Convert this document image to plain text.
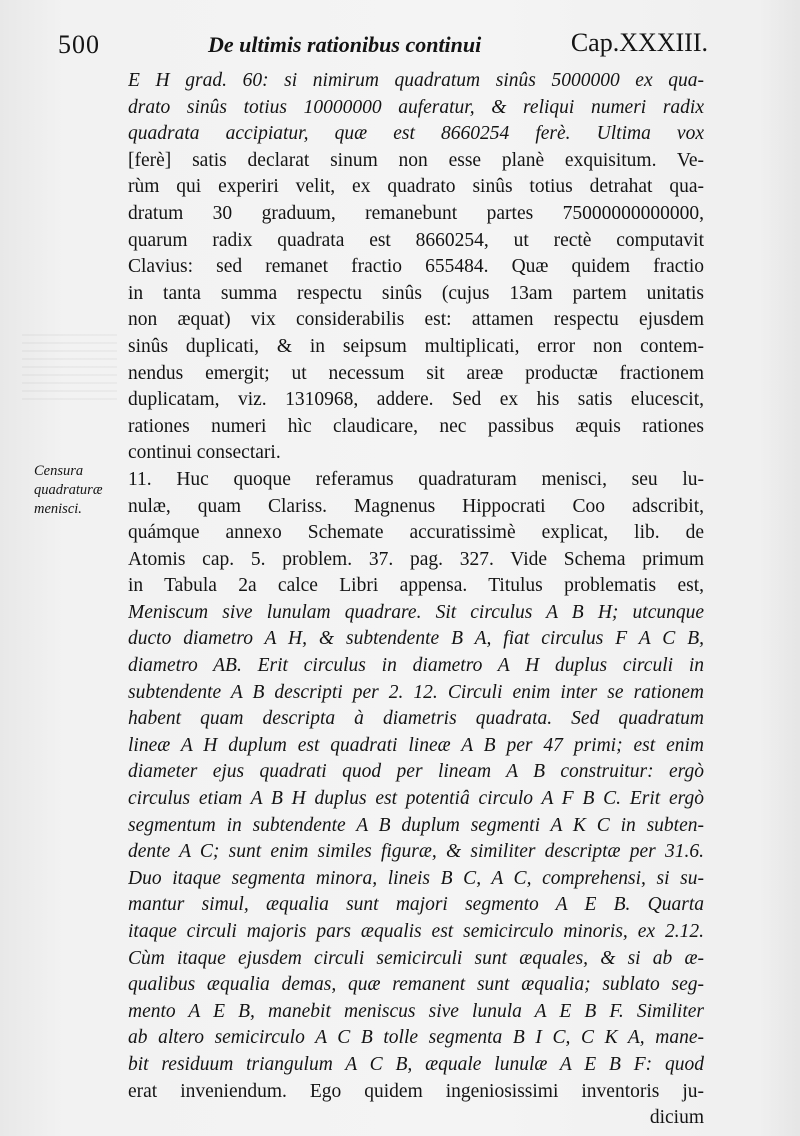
500	De ultimis rationibus continui	Cap.XXXIII.
Censura
quadraturæ
menisci.
E H grad. 60: si nimirum quadratum sinûs 5000000 ex qua-
drato sinûs totius 10000000 auferatur, & reliqui numeri radix
quadrata accipiatur, quæ est 8660254 ferè. Ultima vox
[ferè] satis declarat sinum non esse planè exquisitum. Ve-
rùm qui experiri velit, ex quadrato sinûs totius detrahat qua-
dratum 30 graduum, remanebunt partes 75000000000000,
quarum radix quadrata est 8660254, ut rectè computavit
Clavius: sed remanet fractio 655484. Quæ quidem fractio
in tanta summa respectu sinûs (cujus 13am partem unitatis
non æquat) vix considerabilis est: attamen respectu ejusdem
sinûs duplicati, & in seipsum multiplicati, error non contem-
nendus emergit; ut necessum sit areæ productæ fractionem
duplicatam, viz. 1310968, addere. Sed ex his satis elucescit,
rationes numeri hìc claudicare, nec passibus æquis rationes
continui consectari.
11. Huc quoque referamus quadraturam menisci, seu lu-
nulæ, quam Clariss. Magnenus Hippocrati Coo adscribit,
quámque annexo Schemate accuratissimè explicat, lib. de
Atomis cap. 5. problem. 37. pag. 327. Vide Schema primum
in Tabula 2a calce Libri appensa. Titulus problematis est,
Meniscum sive lunulam quadrare. Sit circulus A B H; utcunque
ducto diametro A H, & subtendente B A, fiat circulus F A C B,
diametro AB. Erit circulus in diametro A H duplus circuli in
subtendente A B descripti per 2. 12. Circuli enim inter se rationem
habent quam descripta à diametris quadrata. Sed quadratum
lineæ A H duplum est quadrati lineæ A B per 47 primi; est enim
diameter ejus quadrati quod per lineam A B construitur: ergò
circulus etiam A B H duplus est potentiâ circulo A F B C. Erit ergò
segmentum in subtendente A B duplum segmenti A K C in subten-
dente A C; sunt enim similes figuræ, & similiter descriptæ per 31.6.
Duo itaque segmenta minora, lineis B C, A C, comprehensi, si su-
mantur simul, æqualia sunt majori segmento A E B. Quarta
itaque circuli majoris pars æqualis est semicirculo minoris, ex 2.12.
Cùm itaque ejusdem circuli semicirculi sunt æquales, & si ab æ-
qualibus æqualia demas, quæ remanent sunt æqualia; sublato seg-
mento A E B, manebit meniscus sive lunula A E B F. Similiter
ab altero semicirculo A C B tolle segmenta B I C, C K A, mane-
bit residuum triangulum A C B, æquale lunulæ A E B F: quod
erat inveniendum. Ego quidem ingeniosissimi inventoris ju-
dicium
